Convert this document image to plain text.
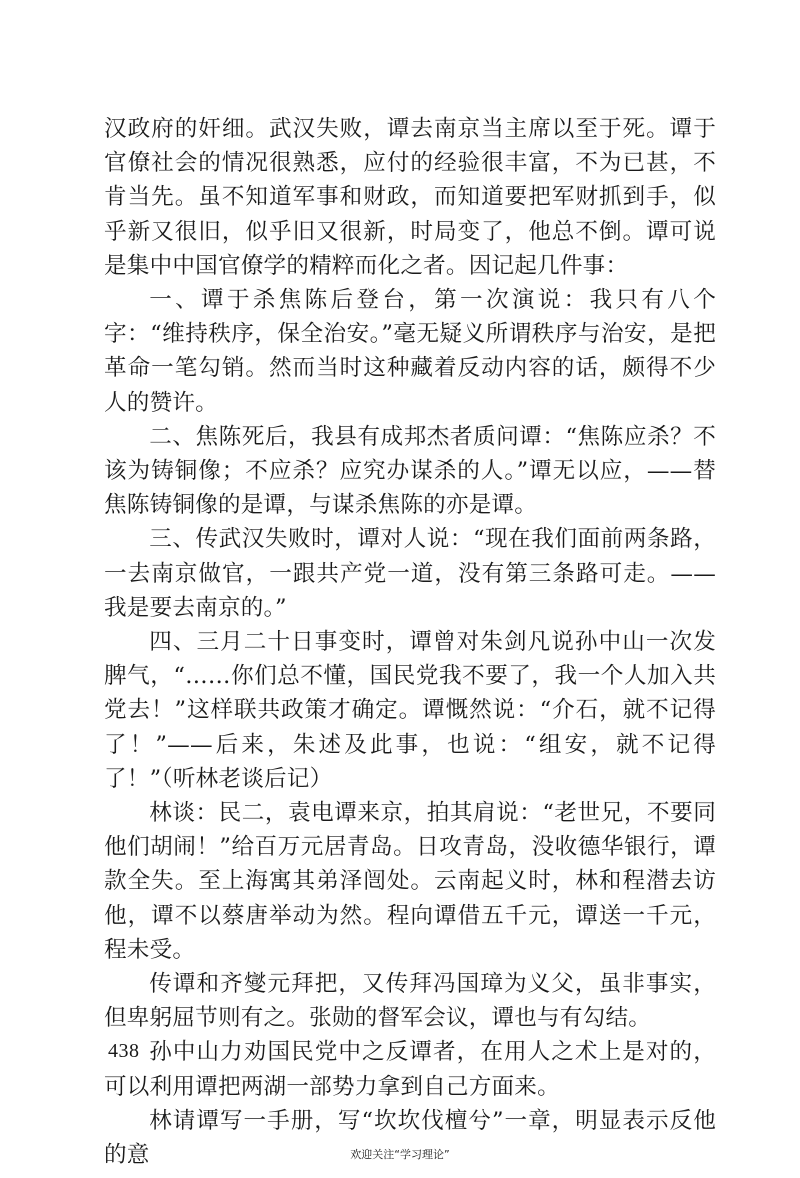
汉政府的奸细。武汉失败，谭去南京当主席以至于死。谭于官僚社会的情况很熟悉，应付的经验很丰富，不为已甚，不肯当先。虽不知道军事和财政，而知道要把军财抓到手，似乎新又很旧，似乎旧又很新，时局变了，他总不倒。谭可说是集中中国官僚学的精粹而化之者。因记起几件事：

一、谭于杀焦陈后登台，第一次演说：我只有八个字：“维持秩序，保全治安。”毫无疑义所谓秩序与治安，是把革命一笔勾销。然而当时这种藏着反动内容的话，颇得不少人的赞许。

二、焦陈死后，我县有成邦杰者质问谭：“焦陈应杀？不该为铸铜像；不应杀？应究办谋杀的人。”谭无以应，——替焦陈铸铜像的是谭，与谋杀焦陈的亦是谭。

三、传武汉失败时，谭对人说：“现在我们面前两条路，一去南京做官，一跟共产党一道，没有第三条路可走。——我是要去南京的。”

四、三月二十日事变时，谭曾对朱剑凡说孙中山一次发脾气，“……你们总不懂，国民党我不要了，我一个人加入共党去！”这样联共政策才确定。谭慨然说：“介石，就不记得了！”——后来，朱述及此事，也说：“组安，就不记得了！”（听林老谈后记）

林谈：民二，袁电谭来京，拍其肩说：“老世兄，不要同他们胡闹！”给百万元居青岛。日攻青岛，没收德华银行，谭款全失。至上海寓其弟泽闿处。云南起义时，林和程潜去访他，谭不以蔡唐举动为然。程向谭借五千元，谭送一千元，程未受。

传谭和齐燮元拜把，又传拜冯国璋为义父，虽非事实，但卑躬屈节则有之。张勋的督军会议，谭也与有勾结。

孙中山力劝国民党中之反谭者，在用人之术上是对的，可以利用谭把两湖一部势力拿到自己方面来。

林请谭写一手册，写“坎坎伐檀兮”一章，明显表示反他的意

438
欢迎关注“学习理论”
